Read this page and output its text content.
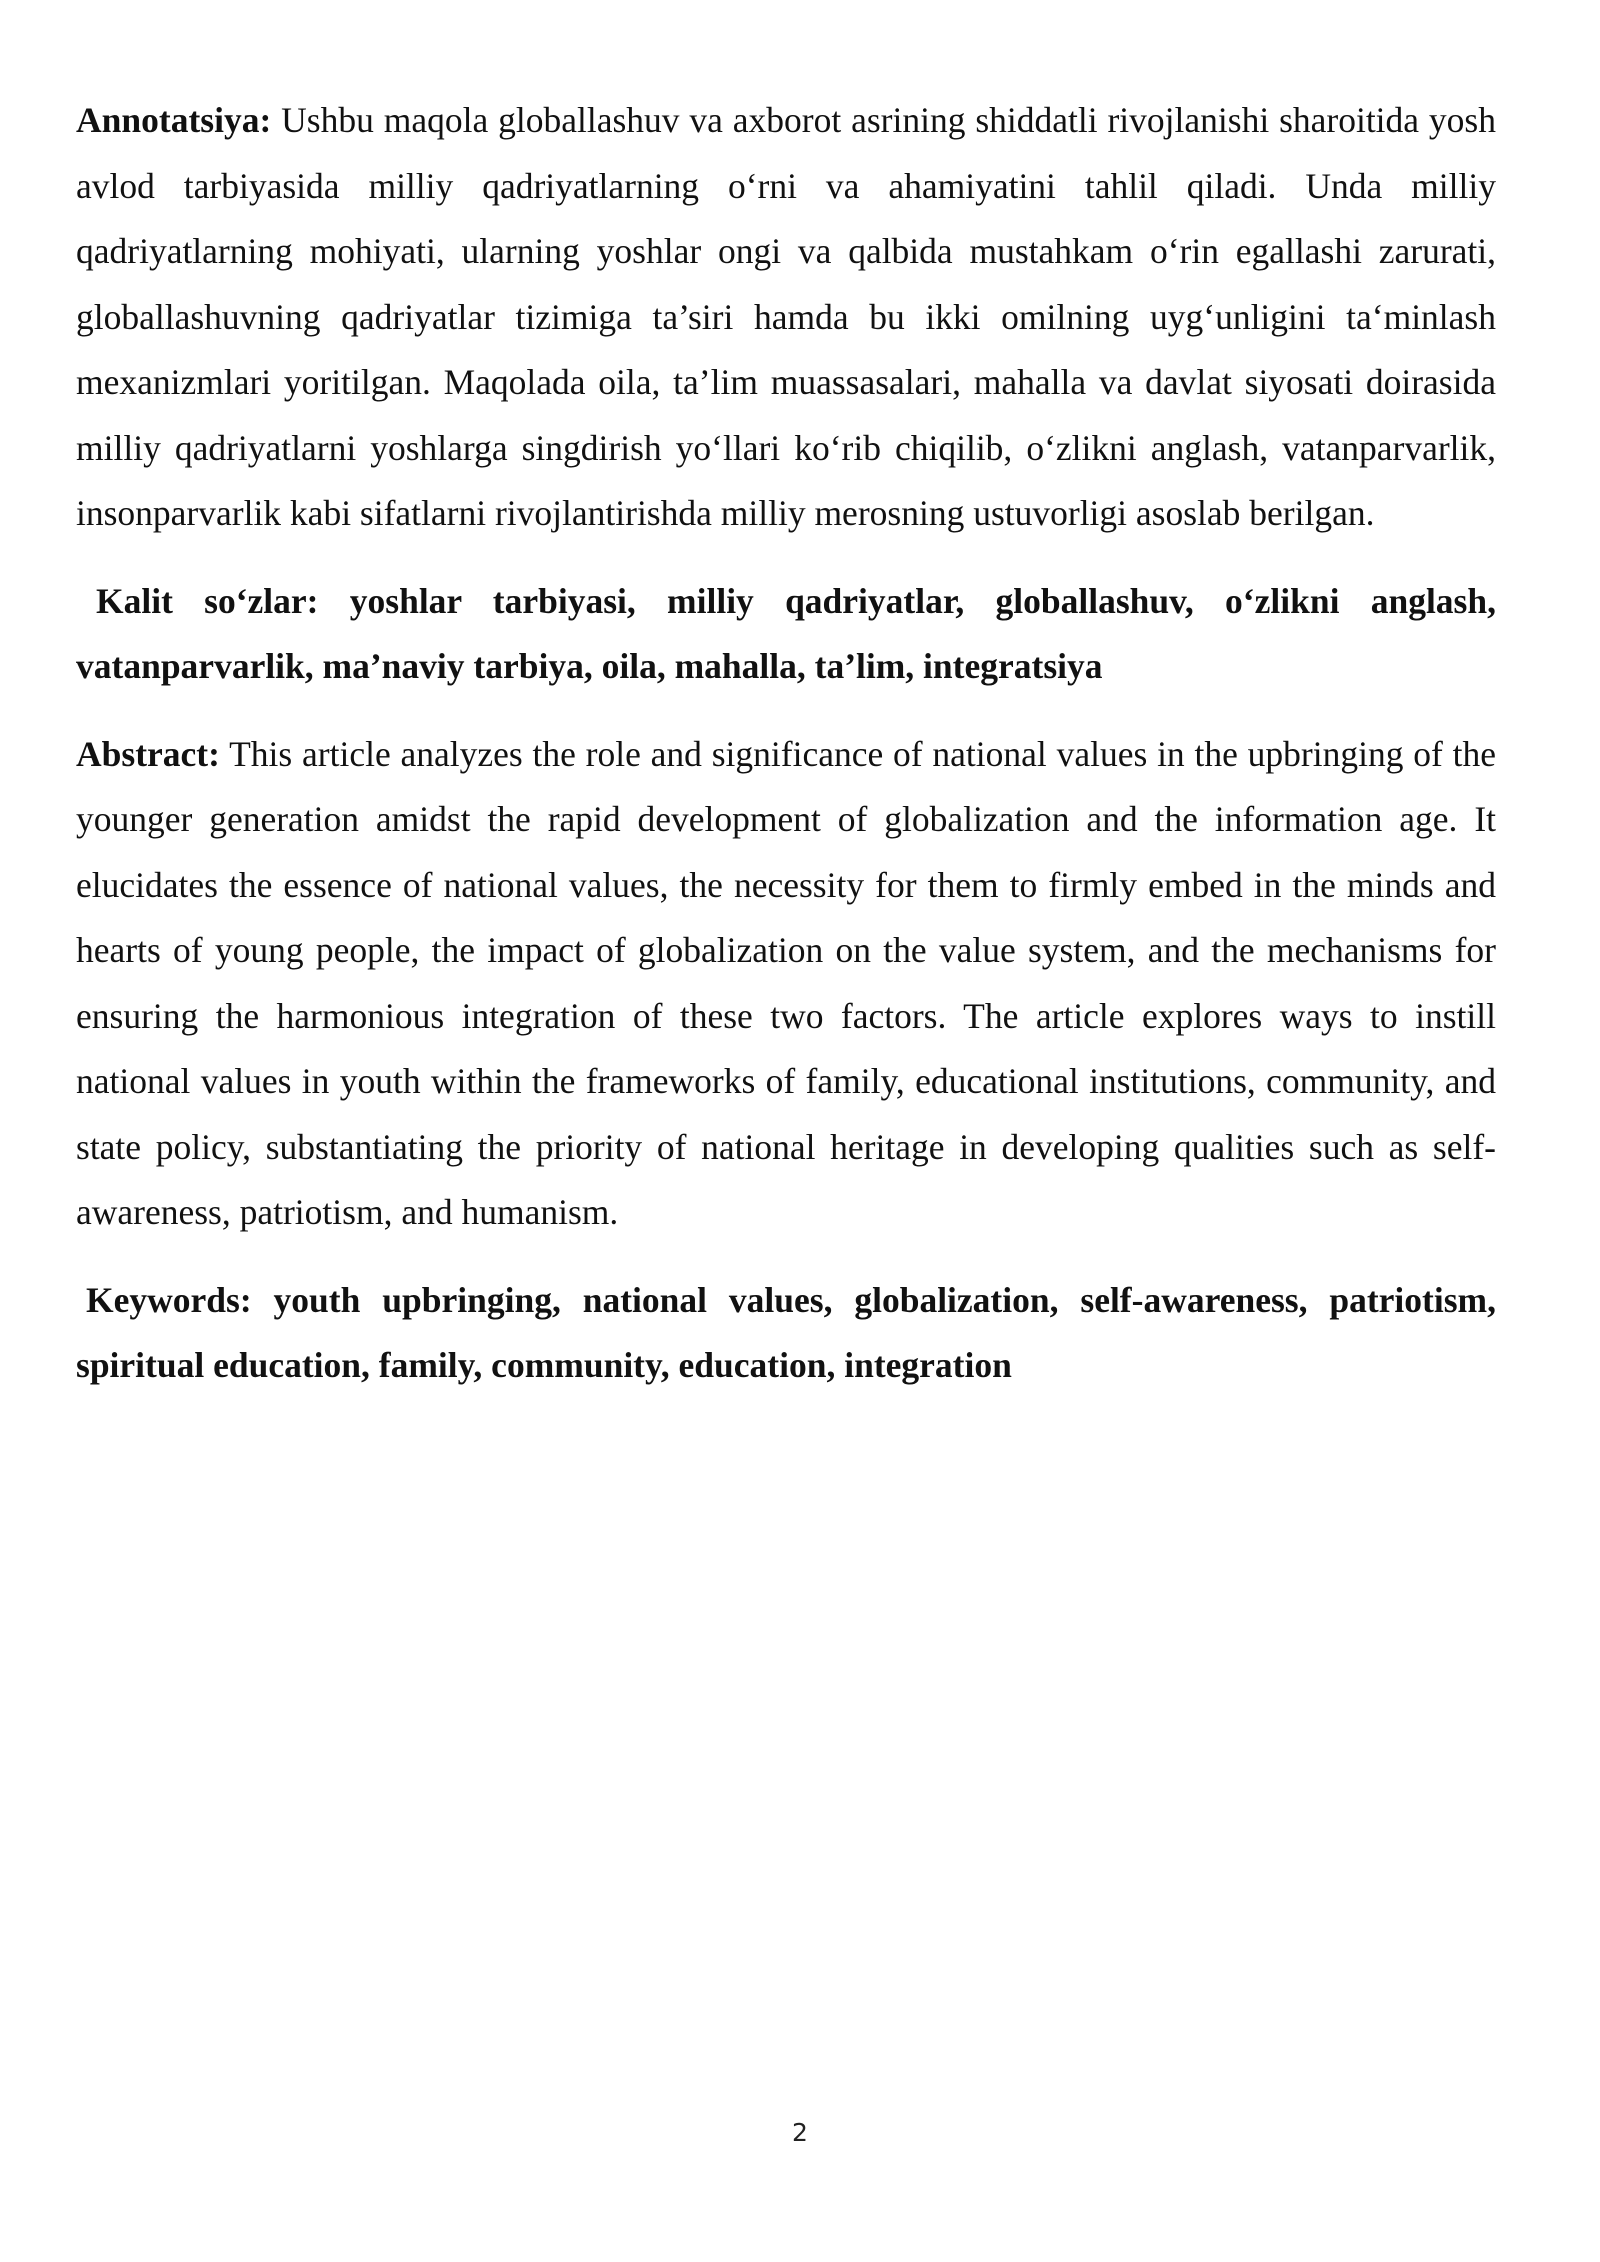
Annotatsiya: Ushbu maqola globallashuv va axborot asrining shiddatli rivojlanishi sharoitida yosh avlod tarbiyasida milliy qadriyatlarning o‘rni va ahamiyatini tahlil qiladi. Unda milliy qadriyatlarning mohiyati, ularning yoshlar ongi va qalbida mustahkam o‘rin egallashi zarurati, globallashuvning qadriyatlar tizimiga ta’siri hamda bu ikki omilning uyg‘unligini ta‘minlash mexanizmlari yoritilgan. Maqolada oila, ta’lim muassasalari, mahalla va davlat siyosati doirasida milliy qadriyatlarni yoshlarga singdirish yo‘llari ko‘rib chiqilib, o‘zlikni anglash, vatanparvarlik, insonparvarlik kabi sifatlarni rivojlantirishda milliy merosning ustuvorligi asoslab berilgan.

Kalit so‘zlar: yoshlar tarbiyasi, milliy qadriyatlar, globallashuv, o‘zlikni anglash, vatanparvarlik, ma’naviy tarbiya, oila, mahalla, ta’lim, integratsiya

Abstract: This article analyzes the role and significance of national values in the upbringing of the younger generation amidst the rapid development of globalization and the information age. It elucidates the essence of national values, the necessity for them to firmly embed in the minds and hearts of young people, the impact of globalization on the value system, and the mechanisms for ensuring the harmonious integration of these two factors. The article explores ways to instill national values in youth within the frameworks of family, educational institutions, community, and state policy, substantiating the priority of national heritage in developing qualities such as self-awareness, patriotism, and humanism.

Keywords: youth upbringing, national values, globalization, self-awareness, patriotism, spiritual education, family, community, education, integration

2
